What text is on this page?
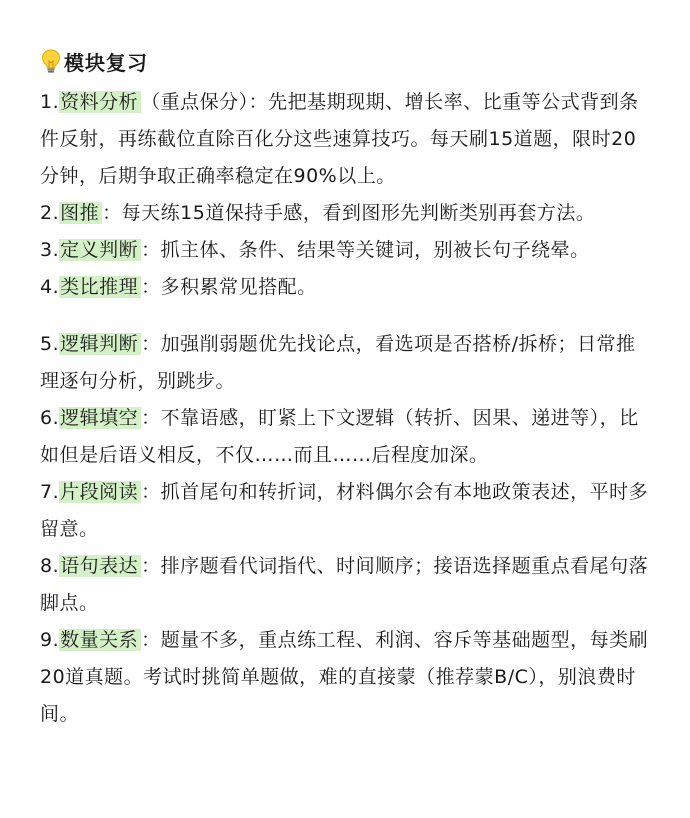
模块复习
1.资料分析 （重点保分）：先把基期现期、增长率、比重等公式背到条件反射，再练截位直除百化分这些速算技巧。每天刷15道题，限时20分钟，后期争取正确率稳定在90%以上。
2.图推 ：每天练15道保持手感，看到图形先判断类别再套方法。
3.定义判断 ：抓主体、条件、结果等关键词，别被长句子绕晕。
4.类比推理 ：多积累常见搭配。
5.逻辑判断 ：加强削弱题优先找论点，看选项是否搭桥/拆桥；日常推理逐句分析，别跳步。
6.逻辑填空 ：不靠语感，盯紧上下文逻辑（转折、因果、递进等），比如但是后语义相反，不仅……而且……后程度加深。
7.片段阅读 ：抓首尾句和转折词，材料偶尔会有本地政策表述，平时多留意。
8.语句表达 ：排序题看代词指代、时间顺序；接语选择题重点看尾句落脚点。
9.数量关系 ：题量不多，重点练工程、利润、容斥等基础题型，每类刷20道真题。考试时挑简单题做，难的直接蒙（推荐蒙B/C），别浪费时间。
